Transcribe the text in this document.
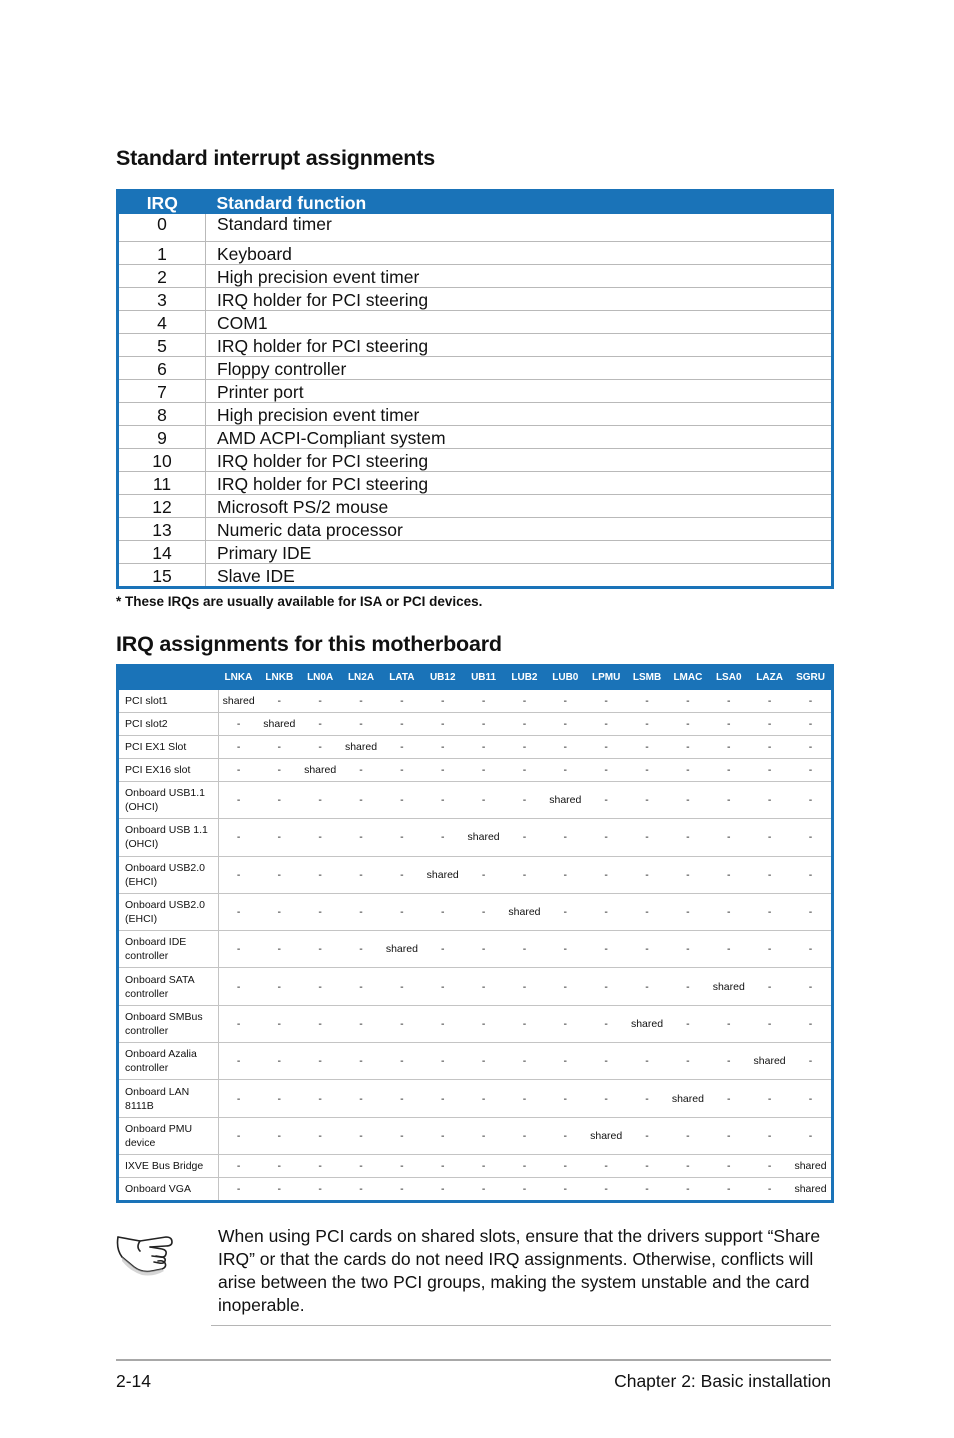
Standard interrupt assignments
IRQ	Standard function
0	Standard timer
1	Keyboard
2	High precision event timer
3	IRQ holder for PCI steering
4	COM1
5	IRQ holder for PCI steering
6	Floppy controller
7	Printer port
8	High precision event timer
9	AMD ACPI-Compliant system
10	IRQ holder for PCI steering
11	IRQ holder for PCI steering
12	Microsoft PS/2 mouse
13	Numeric data processor
14	Primary IDE
15	Slave IDE

* These IRQs are usually available for ISA or PCI devices.

IRQ assignments for this motherboard
	LNKA	LNKB	LN0A	LN2A	LATA	UB12	UB11	LUB2	LUB0	LPMU	LSMB	LMAC	LSA0	LAZA	SGRU
PCI slot1	shared	-	-	-	-	-	-	-	-	-	-	-	-	-	-
PCI slot2	-	shared	-	-	-	-	-	-	-	-	-	-	-	-	-
PCI EX1 Slot	-	-	-	shared	-	-	-	-	-	-	-	-	-	-	-
PCI EX16 slot	-	-	shared	-	-	-	-	-	-	-	-	-	-	-	-
Onboard USB1.1
(OHCI)	-	-	-	-	-	-	-	-	shared	-	-	-	-	-	-
Onboard USB 1.1
(OHCI)	-	-	-	-	-	-	shared	-	-	-	-	-	-	-	-
Onboard USB2.0
(EHCI)	-	-	-	-	-	shared	-	-	-	-	-	-	-	-	-
Onboard USB2.0
(EHCI)	-	-	-	-	-	-	-	shared	-	-	-	-	-	-	-
Onboard IDE
controller	-	-	-	-	shared	-	-	-	-	-	-	-	-	-	-
Onboard SATA
controller	-	-	-	-	-	-	-	-	-	-	-	-	shared	-	-
Onboard SMBus
controller	-	-	-	-	-	-	-	-	-	-	shared	-	-	-	-
Onboard Azalia
controller	-	-	-	-	-	-	-	-	-	-	-	-	-	shared	-
Onboard LAN
8111B	-	-	-	-	-	-	-	-	-	-	-	shared	-	-	-
Onboard PMU
device	-	-	-	-	-	-	-	-	-	shared	-	-	-	-	-
IXVE Bus Bridge	-	-	-	-	-	-	-	-	-	-	-	-	-	-	shared
Onboard VGA	-	-	-	-	-	-	-	-	-	-	-	-	-	-	shared

When using PCI cards on shared slots, ensure that the drivers support “Share IRQ” or that the cards do not need IRQ assignments. Otherwise, conflicts will arise between the two PCI groups, making the system unstable and the card inoperable.

2-14	Chapter 2: Basic installation
